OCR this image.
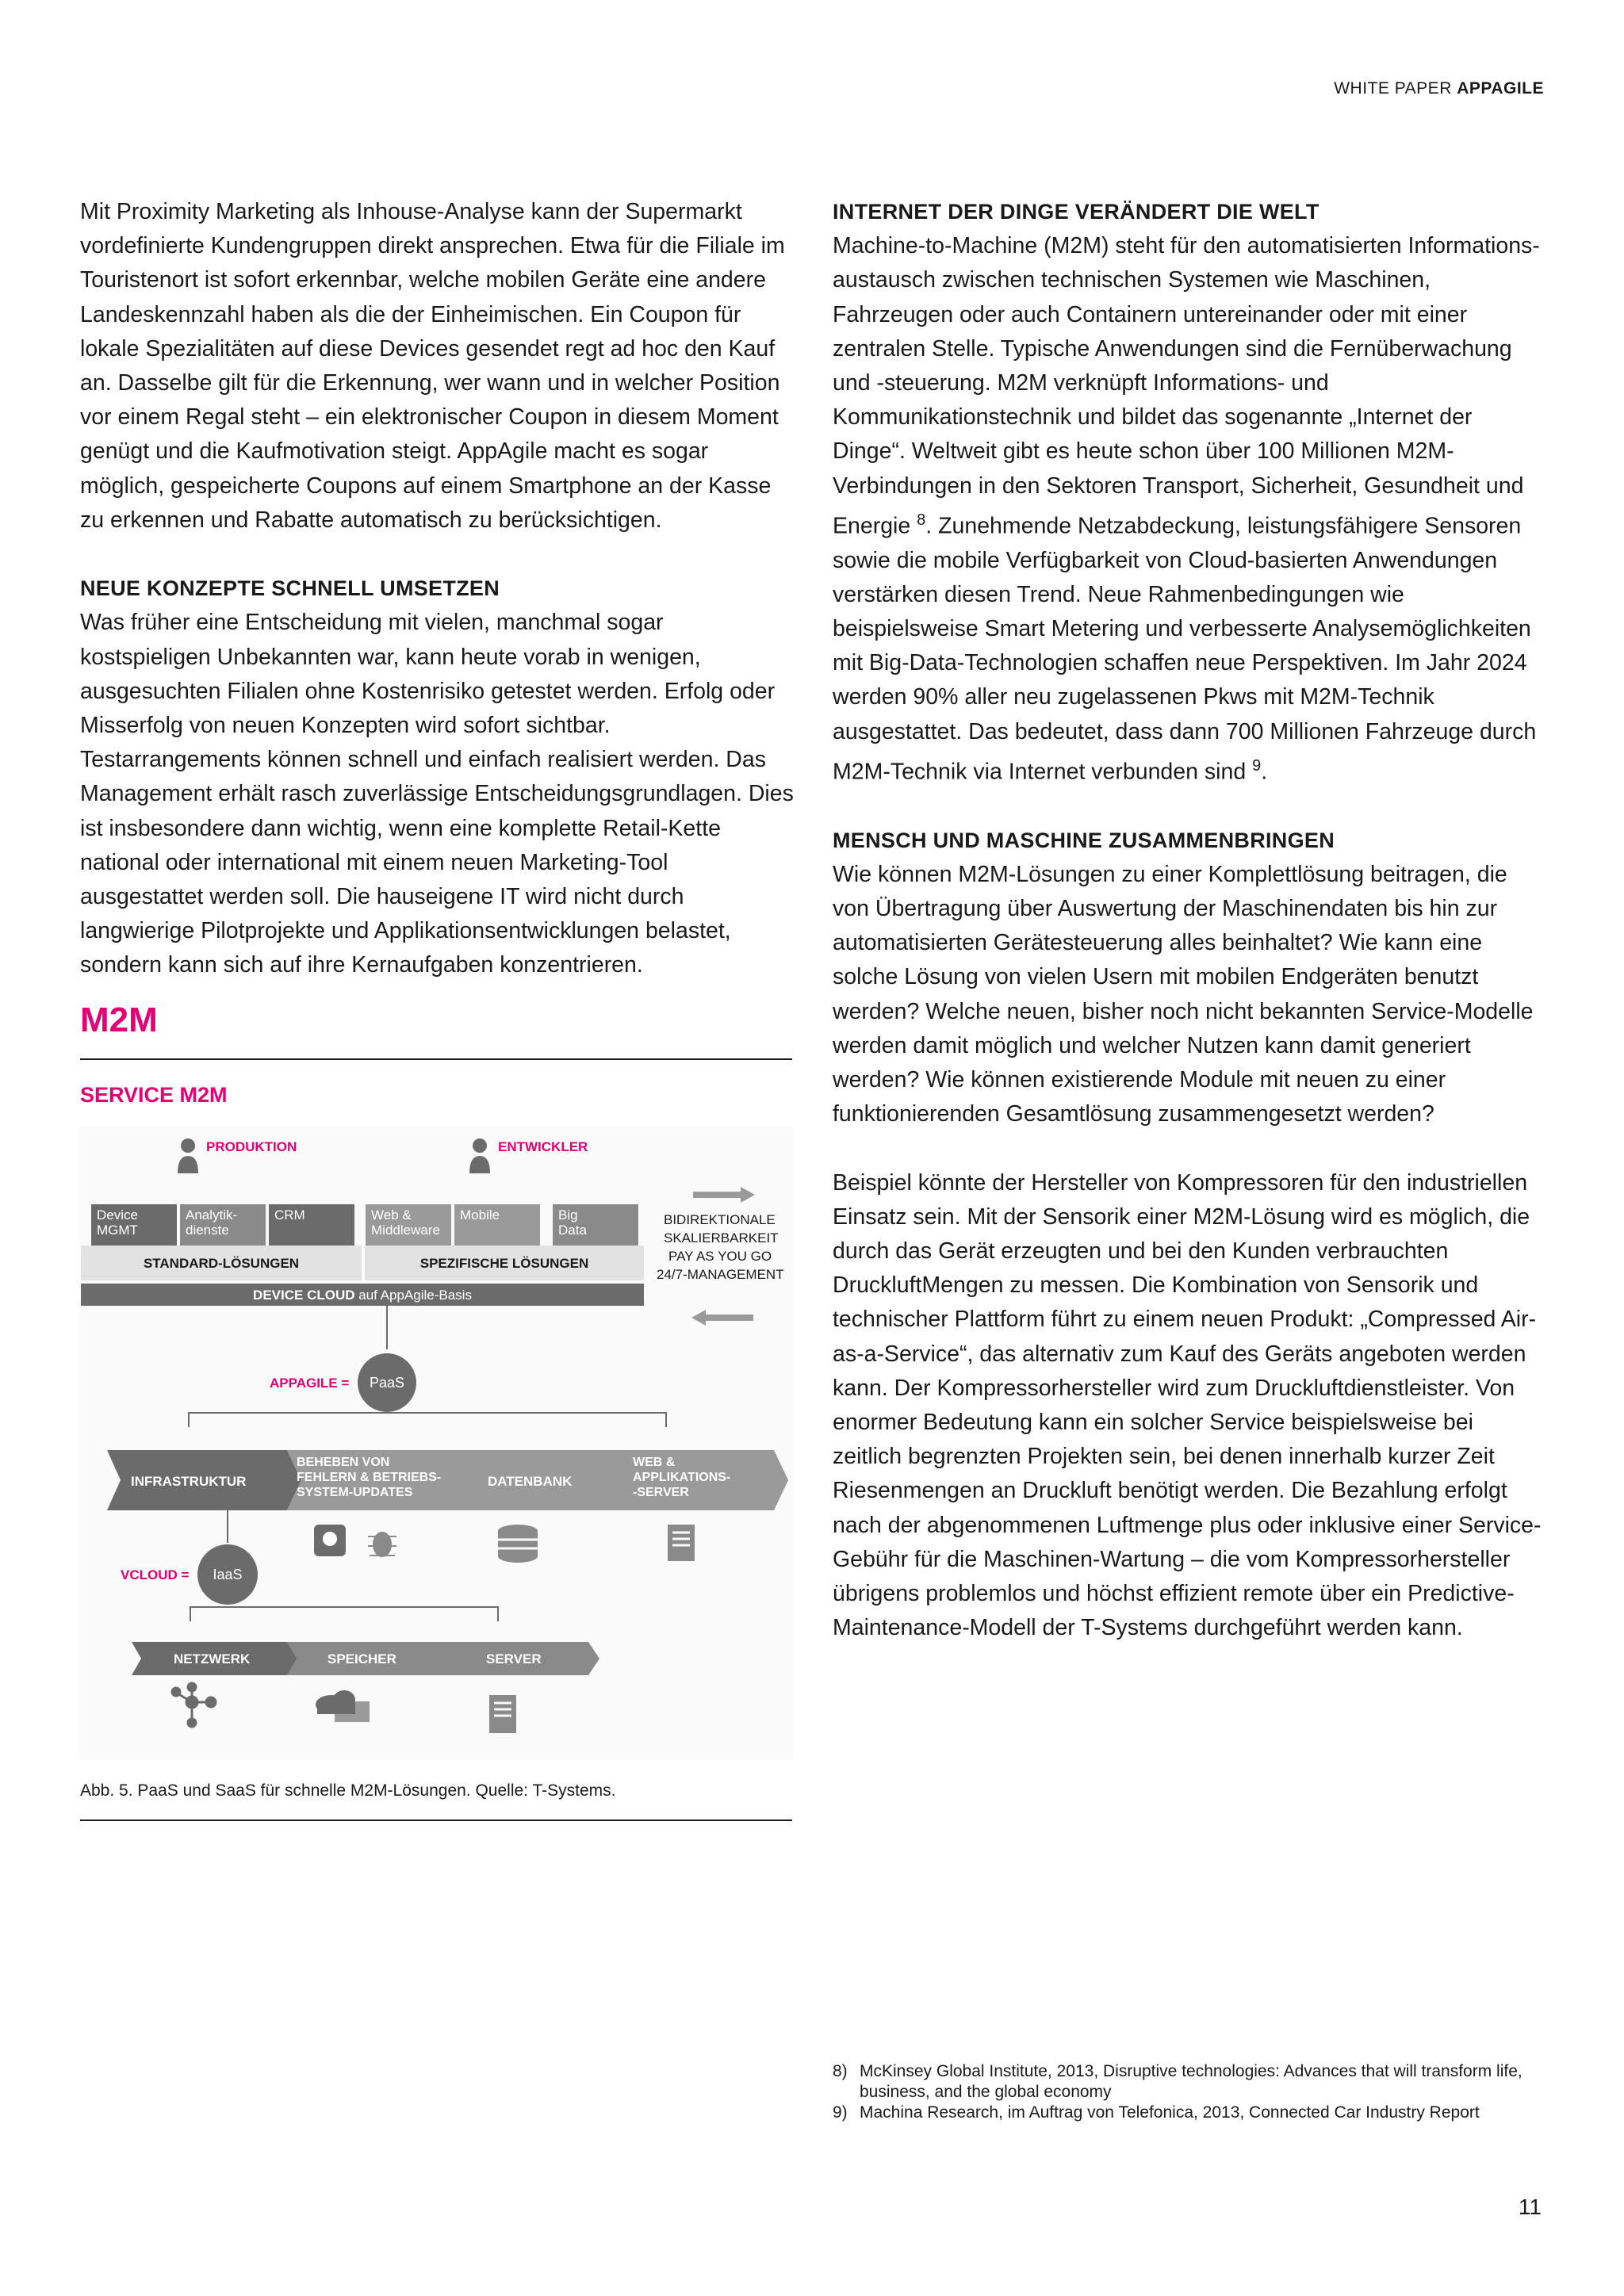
WHITE PAPER APPAGILE

Mit Proximity Marketing als Inhouse-Analyse kann der Supermarkt vordefinierte Kundengruppen direkt ansprechen. Etwa für die Filiale im Touristenort ist sofort erkennbar, welche mobilen Geräte eine andere Landeskennzahl haben als die der Einheimischen. Ein Coupon für lokale Spezialitäten auf diese Devices gesendet regt ad hoc den Kauf an. Dasselbe gilt für die Erkennung, wer wann und in welcher Position vor einem Regal steht – ein elektronischer Coupon in diesem Moment genügt und die Kaufmotivation steigt. AppAgile macht es sogar möglich, gespeicherte Coupons auf einem Smartphone an der Kasse zu erkennen und Rabatte automatisch zu berücksichtigen.

NEUE KONZEPTE SCHNELL UMSETZEN

Was früher eine Entscheidung mit vielen, manchmal sogar kostspieligen Unbekannten war, kann heute vorab in wenigen, ausgesuchten Filialen ohne Kostenrisiko getestet werden. Erfolg oder Misserfolg von neuen Konzepten wird sofort sichtbar. Testarrangements können schnell und einfach realisiert werden. Das Management erhält rasch zuverlässige Entscheidungsgrundlagen. Dies ist insbesondere dann wichtig, wenn eine komplette Retail-Kette national oder international mit einem neuen Marketing-Tool ausgestattet werden soll. Die hauseigene IT wird nicht durch langwierige Pilotprojekte und Applikationsentwicklungen belastet, sondern kann sich auf ihre Kernaufgaben konzentrieren.

M2M
SERVICE M2M
PRODUKTION	ENTWICKLER
Device
MGMT
Analytik-
dienste
CRM	Web &
Middleware
Mobile	Big
Data
STANDARD-LÖSUNGEN	SPEZIFISCHE LÖSUNGEN
DEVICE CLOUD auf AppAgile-Basis
BIDIREKTIONALE
SKALIERBARKEIT
PAY AS YOU GO
24/7-MANAGEMENT
APPAGILE = PaaS
INFRASTRUKTUR
BEHEBEN VON
FEHLERN & BETRIEBS-
SYSTEM-UPDATES
DATENBANK
WEB &
APPLIKATIONS-
-SERVER
VCLOUD = IaaS
NETZWERK	SPEICHER	SERVER
Abb. 5. PaaS und SaaS für schnelle M2M-Lösungen. Quelle: T-Systems.
INTERNET DER DINGE VERÄNDERT DIE WELT

Machine-to-Machine (M2M) steht für den automatisierten Informationsaustausch zwischen technischen Systemen wie Maschinen, Fahrzeugen oder auch Containern untereinander oder mit einer zentralen Stelle. Typische Anwendungen sind die Fernüberwachung und -steuerung. M2M verknüpft Informations- und Kommunikationstechnik und bildet das sogenannte „Internet der Dinge“. Weltweit gibt es heute schon über 100 Millionen M2M-Verbindungen in den Sektoren Transport, Sicherheit, Gesundheit und Energie $^8$. Zunehmende Netzabdeckung, leistungsfähigere Sensoren sowie die mobile Verfügbarkeit von Cloud-basierten Anwendungen verstärken diesen Trend. Neue Rahmenbedingungen wie beispielsweise Smart Metering und verbesserte Analysemöglichkeiten mit Big-Data-Technologien schaffen neue Perspektiven. Im Jahr 2024 werden 90% aller neu zugelassenen Pkws mit M2M-Technik ausgestattet. Das bedeutet, dass dann 700 Millionen Fahrzeuge durch M2M-Technik via Internet verbunden sind $^9$.

MENSCH UND MASCHINE ZUSAMMENBRINGEN

Wie können M2M-Lösungen zu einer Komplettlösung beitragen, die von Übertragung über Auswertung der Maschinendaten bis hin zur automatisierten Gerätesteuerung alles beinhaltet? Wie kann eine solche Lösung von vielen Usern mit mobilen Endgeräten benutzt werden? Welche neuen, bisher noch nicht bekannten Service-Modelle werden damit möglich und welcher Nutzen kann damit generiert werden? Wie können existierende Module mit neuen zu einer funktionierenden Gesamtlösung zusammengesetzt werden?

Beispiel könnte der Hersteller von Kompressoren für den industriellen Einsatz sein. Mit der Sensorik einer M2M-Lösung wird es möglich, die durch das Gerät erzeugten und bei den Kunden verbrauchten DruckluftMengen zu messen. Die Kombination von Sensorik und technischer Plattform führt zu einem neuen Produkt: „Compressed Air-as-a-Service“, das alternativ zum Kauf des Geräts angeboten werden kann. Der Kompressorhersteller wird zum Druckluftdienstleister. Von enormer Bedeutung kann ein solcher Service beispielsweise bei zeitlich begrenzten Projekten sein, bei denen innerhalb kurzer Zeit Riesenmengen an Druckluft benötigt werden. Die Bezahlung erfolgt nach der abgenommenen Luftmenge plus oder inklusive einer Service-Gebühr für die Maschinen-Wartung – die vom Kompressorhersteller übrigens problemlos und höchst effizient remote über ein Predictive-Maintenance-Modell der T-Systems durchgeführt werden kann.

8) McKinsey Global Institute, 2013, Disruptive technologies: Advances that will transform life, business, and the global economy
9) Machina Research, im Auftrag von Telefonica, 2013, Connected Car Industry Report
11
